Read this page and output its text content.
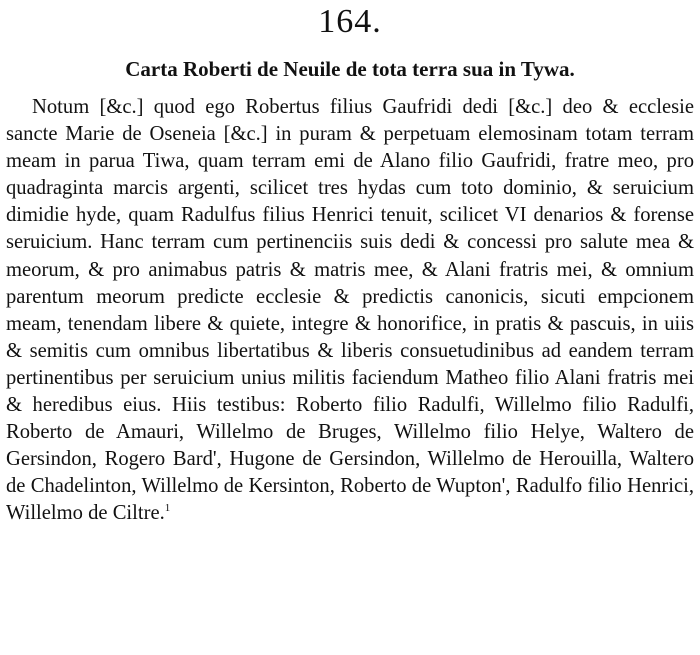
164.
Carta Roberti de Neuile de tota terra sua in Tywa.

Notum [&c.] quod ego Robertus filius Gaufridi dedi [&c.] deo & ecclesie sancte Marie de Oseneia [&c.] in puram & perpetuam elemosinam totam terram meam in parua Tiwa, quam terram emi de Alano filio Gaufridi, fratre meo, pro quadraginta marcis argenti, scilicet tres hydas cum toto dominio, & seruicium dimidie hyde, quam Radulfus filius Henrici tenuit, scilicet VI denarios & forense seruicium. Hanc terram cum pertinenciis suis dedi & concessi pro salute mea & meorum, & pro animabus patris & matris mee, & Alani fratris mei, & omnium parentum meorum predicte ecclesie & predictis canonicis, sicuti empcionem meam, tenendam libere & quiete, integre & honorifice, in pratis & pascuis, in uiis & semitis cum omnibus libertatibus & liberis consuetudinibus ad eandem terram pertinentibus per seruicium unius militis faciendum Matheo filio Alani fratris mei & heredibus eius. Hiis testibus: Roberto filio Radulfi, Willelmo filio Radulfi, Roberto de Amauri, Willelmo de Bruges, Willelmo filio Helye, Waltero de Gersindon, Rogero Bard', Hugone de Gersindon, Willelmo de Herouilla, Waltero de Chadelinton, Willelmo de Kersinton, Roberto de Wupton', Radulfo filio Henrici, Willelmo de Ciltre.$^1$
